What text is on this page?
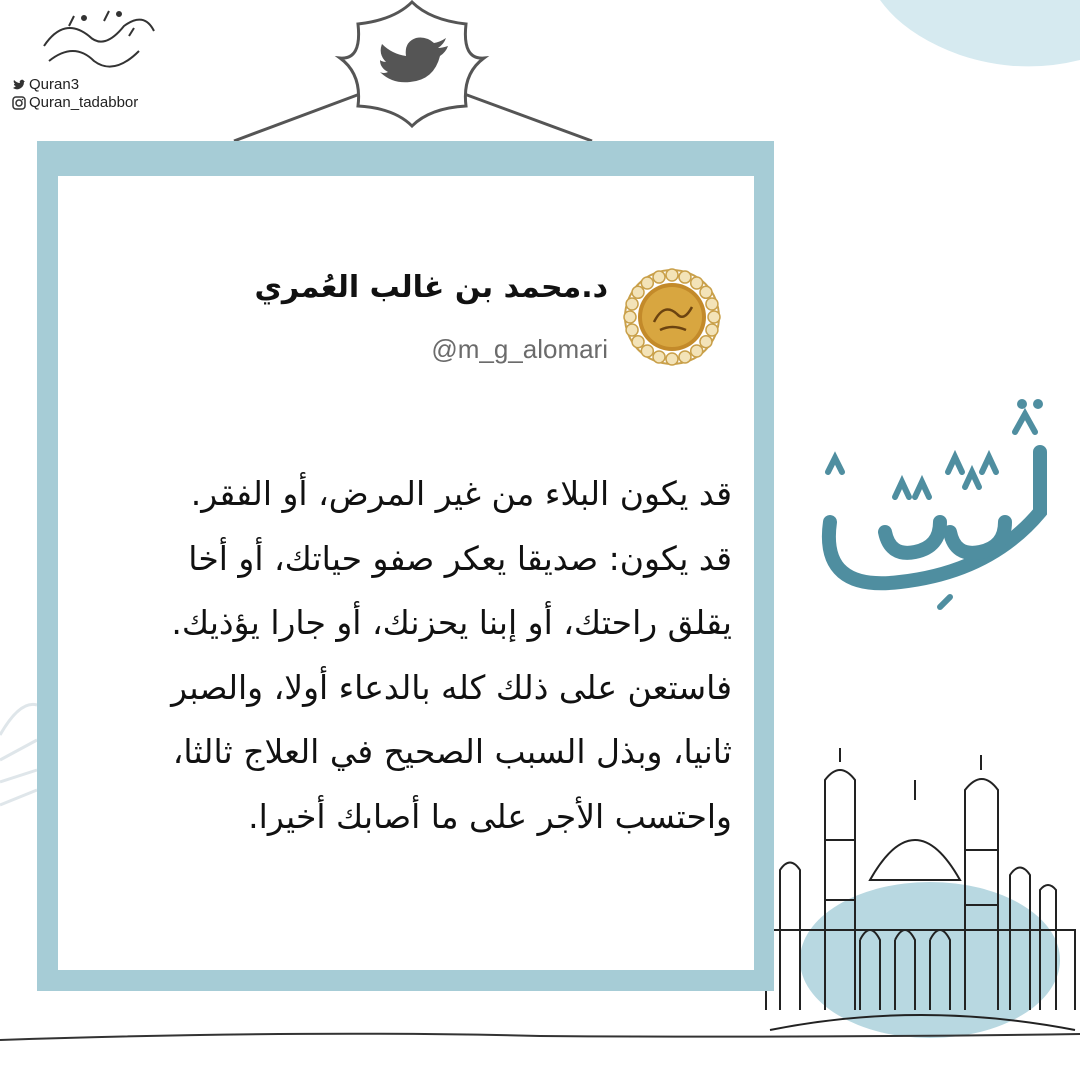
Quran3
Quran_tadabbor
د.محمد بن غالب العُمري
@m_g_alomari
قد يكون البلاء من غير المرض، أو الفقر.
قد يكون: صديقا يعكر صفو حياتك، أو أخا
يقلق راحتك، أو إبنا يحزنك، أو جارا يؤذيك.
فاستعن على ذلك كله بالدعاء أولا، والصبر
ثانيا، وبذل السبب الصحيح في العلاج ثالثا،
واحتسب الأجر على ما أصابك أخيرا.
